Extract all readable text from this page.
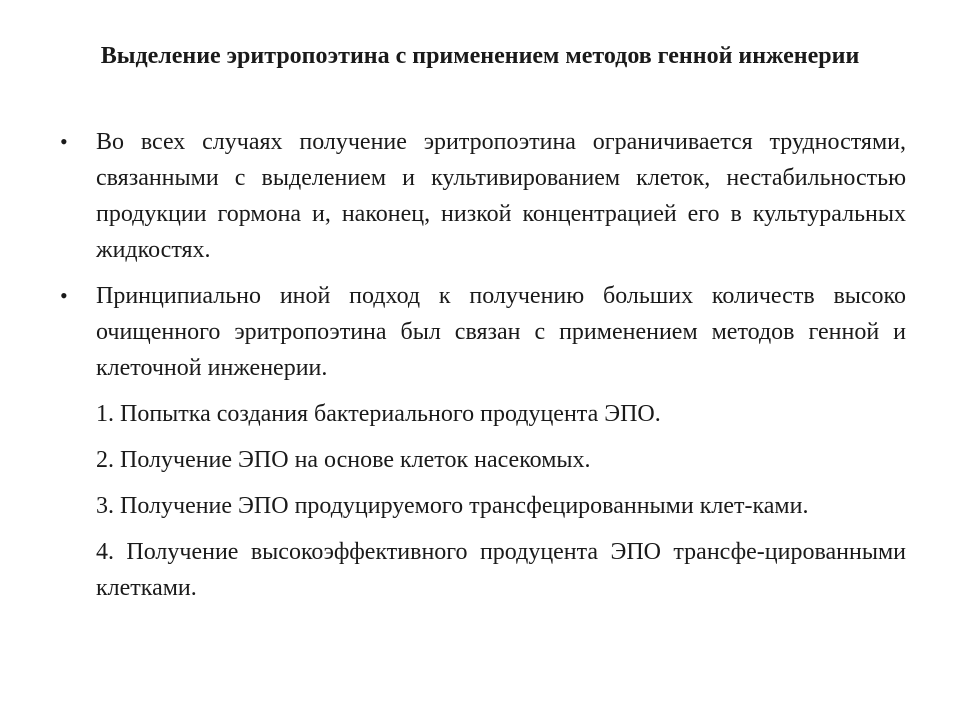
Выделение эритропоэтина с применением методов генной инженерии
•	Во всех случаях получение эритропоэтина ограничивается трудностями, связанными с выделением и культивированием клеток, нестабильностью продукции гормона и, наконец, низкой концентрацией его в культуральных жидкостях.

•	Принципиально иной подход к получению больших количеств высоко очищенного эритропоэтина был связан с применением методов генной и клеточной инженерии.

1. Попытка создания бактериального продуцента ЭПО.
2. Получение ЭПО на основе клеток насекомых.
3. Получение ЭПО продуцируемого трансфецированными клет-ками.
4. Получение высокоэффективного продуцента ЭПО трансфе-цированными клетками.
